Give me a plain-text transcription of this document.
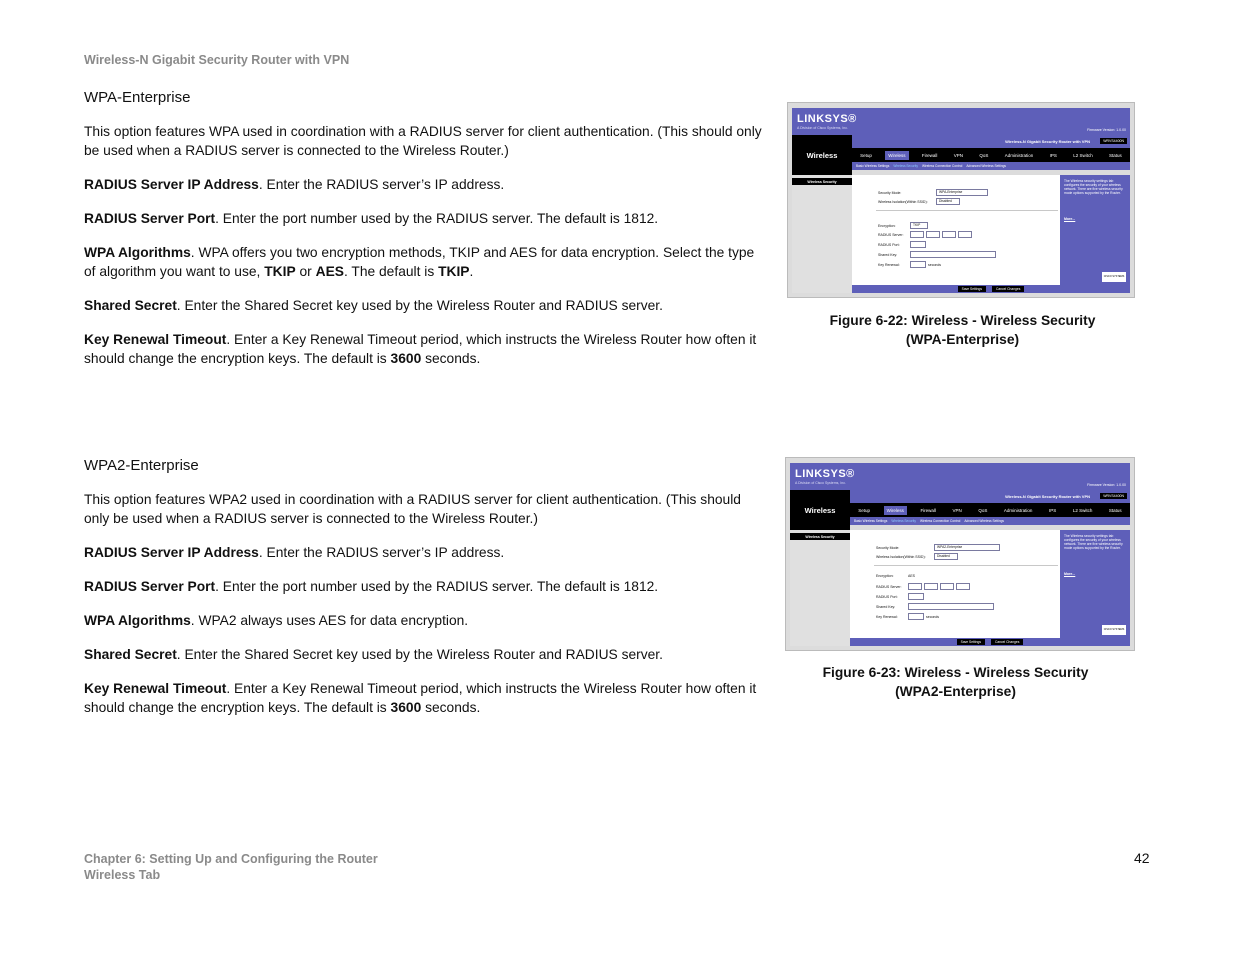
Wireless-N Gigabit Security Router with VPN
WPA-Enterprise

This option features WPA used in coordination with a RADIUS server for client authentication. (This should only be used when a RADIUS server is connected to the Wireless Router.)

RADIUS Server IP Address. Enter the RADIUS server’s IP address.

RADIUS Server Port. Enter the port number used by the RADIUS server. The default is 1812.

WPA Algorithms. WPA offers you two encryption methods, TKIP and AES for data encryption. Select the type of algorithm you want to use, TKIP or AES. The default is TKIP.

Shared Secret. Enter the Shared Secret key used by the Wireless Router and RADIUS server.

Key Renewal Timeout. Enter a Key Renewal Timeout period, which instructs the Wireless Router how often it should change the encryption keys. The default is 3600 seconds.

WPA2-Enterprise

This option features WPA2 used in coordination with a RADIUS server for client authentication. (This should only be used when a RADIUS server is connected to the Wireless Router.)

RADIUS Server IP Address. Enter the RADIUS server’s IP address.

RADIUS Server Port. Enter the port number used by the RADIUS server. The default is 1812.

WPA Algorithms. WPA2 always uses AES for data encryption.

Shared Secret. Enter the Shared Secret key used by the Wireless Router and RADIUS server.

Key Renewal Timeout. Enter a Key Renewal Timeout period, which instructs the Wireless Router how often it should change the encryption keys. The default is 3600 seconds.

LINKSYS®
A Division of Cisco Systems, Inc.	Firmware Version: 1.0.00
Wireless
Wireless-N Gigabit Security Router with VPN	WRVS4400N
Setup	Wireless	Firewall	VPN	QoS	Administration	IPS	L2 Switch	Status
Basic Wireless Settings Wireless Security Wireless Connection Control Advanced Wireless Settings
Wireless Security
Security Mode:	WPA-Enterprise
Wireless Isolation(Within SSID):	Disabled
Encryption:	TKIP
RADIUS Server:
RADIUS Port:
Shared Key:
Key Renewal:	seconds
The Wireless security settings tab configures the security of your wireless network. There are five wireless security mode options supported by the Router.
More...
CISCO SYSTEMS
Save Settings	Cancel Changes
Figure 6-22: Wireless - Wireless Security
(WPA-Enterprise)
LINKSYS®
A Division of Cisco Systems, Inc.	Firmware Version: 1.0.00
Wireless
Wireless-N Gigabit Security Router with VPN	WRVS4400N
Setup	Wireless	Firewall	VPN	QoS	Administration	IPS	L2 Switch	Status
Basic Wireless Settings Wireless Security Wireless Connection Control Advanced Wireless Settings
Wireless Security
Security Mode:	WPA2-Enterprise
Wireless Isolation(Within SSID):	Disabled
Encryption:	AES
RADIUS Server:
RADIUS Port:
Shared Key:
Key Renewal:	seconds
The Wireless security settings tab configures the security of your wireless network. There are five wireless security mode options supported by the Router.
More...
CISCO SYSTEMS
Save Settings	Cancel Changes
Figure 6-23: Wireless - Wireless Security
(WPA2-Enterprise)
Chapter 6: Setting Up and Configuring the Router
Wireless Tab
42
